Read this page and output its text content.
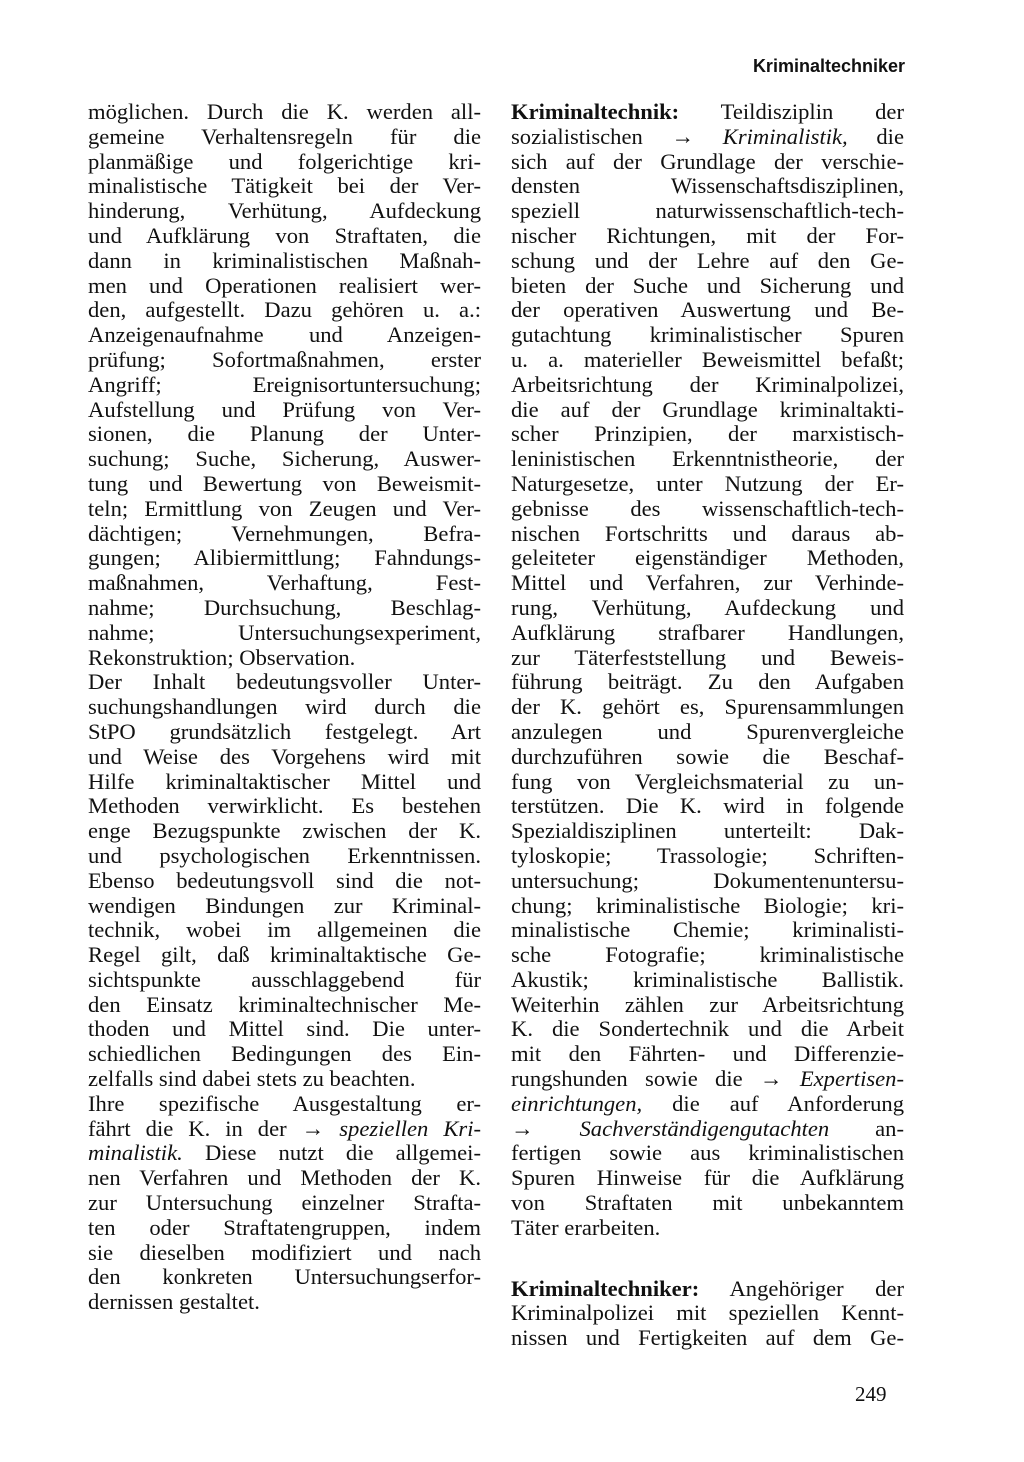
Kriminaltechniker
möglichen. Durch die K. werden all-
gemeine Verhaltensregeln für die
planmäßige und folgerichtige kri-
minalistische Tätigkeit bei der Ver-
hinderung, Verhütung, Aufdeckung
und Aufklärung von Straftaten, die
dann in kriminalistischen Maßnah-
men und Operationen realisiert wer-
den, aufgestellt. Dazu gehören u. a.:
Anzeigenaufnahme und Anzeigen-
prüfung; Sofortmaßnahmen, erster
Angriff; Ereignisortuntersuchung;
Aufstellung und Prüfung von Ver-
sionen, die Planung der Unter-
suchung; Suche, Sicherung, Auswer-
tung und Bewertung von Beweismit-
teln; Ermittlung von Zeugen und Ver-
dächtigen; Vernehmungen, Befra-
gungen; Alibiermittlung; Fahndungs-
maßnahmen, Verhaftung, Fest-
nahme; Durchsuchung, Beschlag-
nahme; Untersuchungsexperiment,
Rekonstruktion; Observation.
Der Inhalt bedeutungsvoller Unter-
suchungshandlungen wird durch die
StPO grundsätzlich festgelegt. Art
und Weise des Vorgehens wird mit
Hilfe kriminaltaktischer Mittel und
Methoden verwirklicht. Es bestehen
enge Bezugspunkte zwischen der K.
und psychologischen Erkenntnissen.
Ebenso bedeutungsvoll sind die not-
wendigen Bindungen zur Kriminal-
technik, wobei im allgemeinen die
Regel gilt, daß kriminaltaktische Ge-
sichtspunkte ausschlaggebend für
den Einsatz kriminaltechnischer Me-
thoden und Mittel sind. Die unter-
schiedlichen Bedingungen des Ein-
zelfalls sind dabei stets zu beachten.
Ihre spezifische Ausgestaltung er-
fährt die K. in der → speziellen Kri-
minalistik. Diese nutzt die allgemei-
nen Verfahren und Methoden der K.
zur Untersuchung einzelner Strafta-
ten oder Straftatengruppen, indem
sie dieselben modifiziert und nach
den konkreten Untersuchungserfor-
dernissen gestaltet.
Kriminaltechnik: Teildisziplin der
sozialistischen → Kriminalistik, die
sich auf der Grundlage der verschie-
densten Wissenschaftsdisziplinen,
speziell naturwissenschaftlich-tech-
nischer Richtungen, mit der For-
schung und der Lehre auf den Ge-
bieten der Suche und Sicherung und
der operativen Auswertung und Be-
gutachtung kriminalistischer Spuren
u. a. materieller Beweismittel befaßt;
Arbeitsrichtung der Kriminalpolizei,
die auf der Grundlage kriminaltakti-
scher Prinzipien, der marxistisch-
leninistischen Erkenntnistheorie, der
Naturgesetze, unter Nutzung der Er-
gebnisse des wissenschaftlich-tech-
nischen Fortschritts und daraus ab-
geleiteter eigenständiger Methoden,
Mittel und Verfahren, zur Verhinde-
rung, Verhütung, Aufdeckung und
Aufklärung strafbarer Handlungen,
zur Täterfeststellung und Beweis-
führung beiträgt. Zu den Aufgaben
der K. gehört es, Spurensammlungen
anzulegen und Spurenvergleiche
durchzuführen sowie die Beschaf-
fung von Vergleichsmaterial zu un-
terstützen. Die K. wird in folgende
Spezialdisziplinen unterteilt: Dak-
tyloskopie; Trassologie; Schriften-
untersuchung; Dokumentenuntersu-
chung; kriminalistische Biologie; kri-
minalistische Chemie; kriminalisti-
sche Fotografie; kriminalistische
Akustik; kriminalistische Ballistik.
Weiterhin zählen zur Arbeitsrichtung
K. die Sondertechnik und die Arbeit
mit den Fährten- und Differenzie-
rungshunden sowie die → Expertisen-
einrichtungen, die auf Anforderung
→ Sachverständigengutachten an-
fertigen sowie aus kriminalistischen
Spuren Hinweise für die Aufklärung
von Straftaten mit unbekanntem
Täter erarbeiten.
Kriminaltechniker: Angehöriger der
Kriminalpolizei mit speziellen Kennt-
nissen und Fertigkeiten auf dem Ge-
249
